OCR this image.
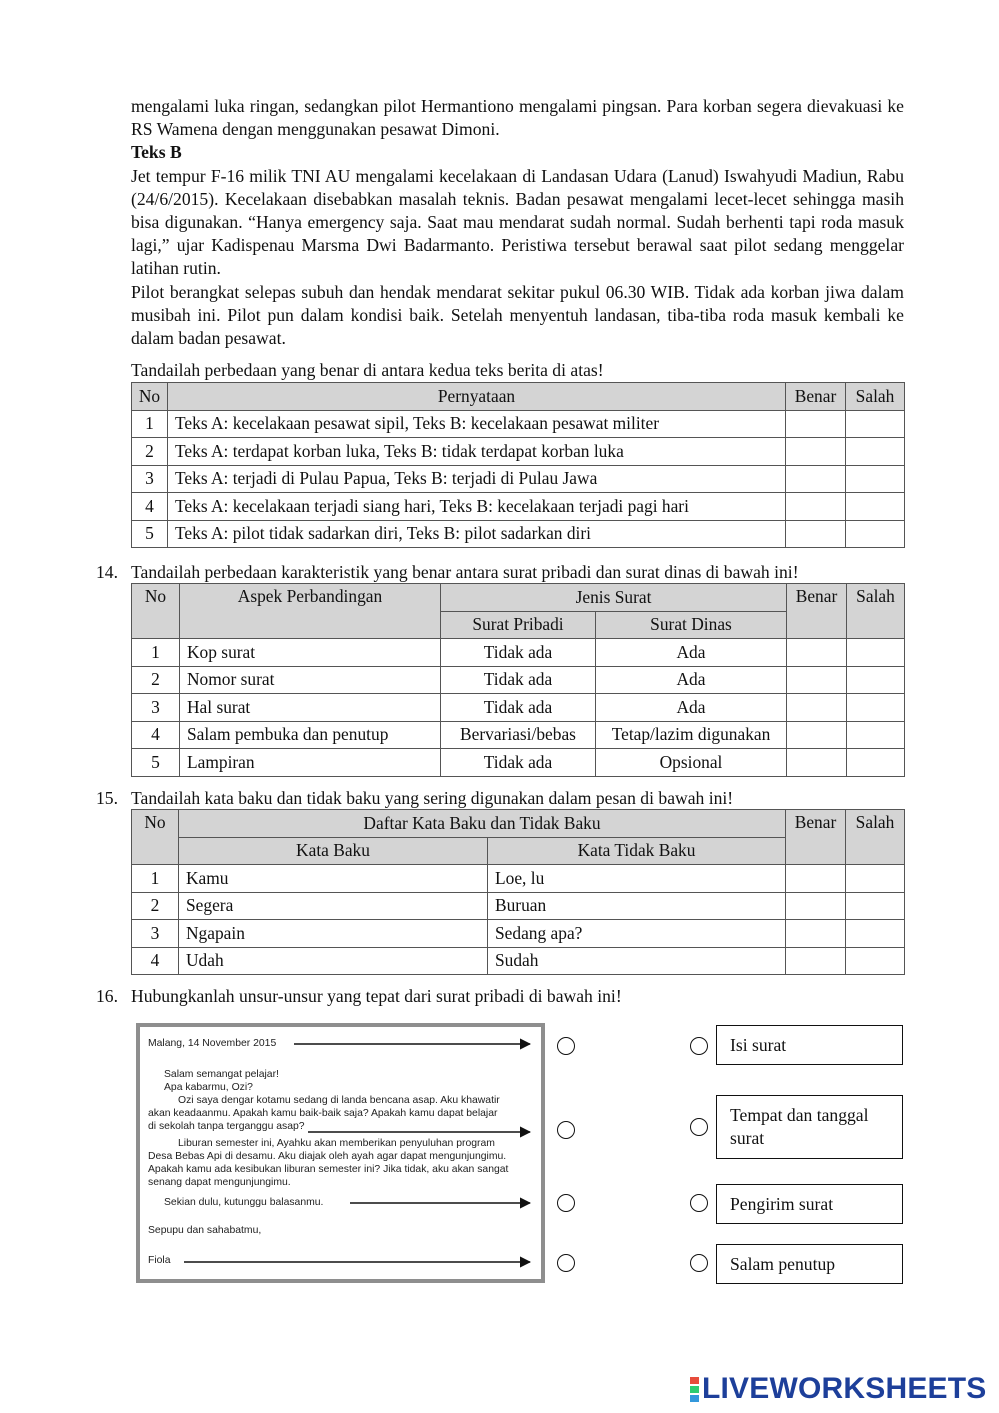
mengalami luka ringan, sedangkan pilot Hermantiono mengalami pingsan. Para korban segera dievakuasi ke RS Wamena dengan menggunakan pesawat Dimoni.

Teks B

Jet tempur F-16 milik TNI AU mengalami kecelakaan di Landasan Udara (Lanud) Iswahyudi Madiun, Rabu (24/6/2015). Kecelakaan disebabkan masalah teknis. Badan pesawat mengalami lecet-lecet sehingga masih bisa digunakan. “Hanya emergency saja. Saat mau mendarat sudah normal. Sudah berhenti tapi roda masuk lagi,” ujar Kadispenau Marsma Dwi Badarmanto. Peristiwa tersebut berawal saat pilot sedang menggelar latihan rutin.

Pilot berangkat selepas subuh dan hendak mendarat sekitar pukul 06.30 WIB. Tidak ada korban jiwa dalam musibah ini. Pilot pun dalam kondisi baik. Setelah menyentuh landasan, tiba-tiba roda masuk kembali ke dalam badan pesawat.

Tandailah perbedaan yang benar di antara kedua teks berita di atas!
No	Pernyataan	Benar	Salah
1	Teks A: kecelakaan pesawat sipil, Teks B: kecelakaan pesawat militer		
2	Teks A: terdapat korban luka, Teks B: tidak terdapat korban luka		
3	Teks A: terjadi di Pulau Papua, Teks B: terjadi di Pulau Jawa		
4	Teks A: kecelakaan terjadi siang hari, Teks B: kecelakaan terjadi pagi hari		
5	Teks A: pilot tidak sadarkan diri, Teks B: pilot sadarkan diri		
14. Tandailah perbedaan karakteristik yang benar antara surat pribadi dan surat dinas di bawah ini!
No	Aspek Perbandingan	Jenis Surat		Benar	Salah
		Surat Pribadi	Surat Dinas		
1	Kop surat	Tidak ada	Ada		
2	Nomor surat	Tidak ada	Ada		
3	Hal surat	Tidak ada	Ada		
4	Salam pembuka dan penutup	Bervariasi/bebas	Tetap/lazim digunakan		
5	Lampiran	Tidak ada	Opsional		
15. Tandailah kata baku dan tidak baku yang sering digunakan dalam pesan di bawah ini!
No	Daftar Kata Baku dan Tidak Baku		Benar	Salah
	Kata Baku	Kata Tidak Baku		
1	Kamu	Loe, lu		
2	Segera	Buruan		
3	Ngapain	Sedang apa?		
4	Udah	Sudah		
16. Hubungkanlah unsur-unsur yang tepat dari surat pribadi di bawah ini!
Malang, 14 November 2015
Salam semangat pelajar!
Apa kabarmu, Ozi?
Ozi saya dengar kotamu sedang di landa bencana asap. Aku khawatir
akan keadaanmu. Apakah kamu baik-baik saja? Apakah kamu dapat belajar
di sekolah tanpa terganggu asap?
Liburan semester ini, Ayahku akan memberikan penyuluhan program
Desa Bebas Api di desamu. Aku diajak oleh ayah agar dapat mengunjungimu.
Apakah kamu ada kesibukan liburan semester ini? Jika tidak, aku akan sangat
senang dapat mengunjungimu.
Sekian dulu, kutunggu balasanmu.
Sepupu dan sahabatmu,
Fiola
Isi surat
Tempat dan tanggal surat
Pengirim surat
Salam penutup
LIVEWORKSHEETS
